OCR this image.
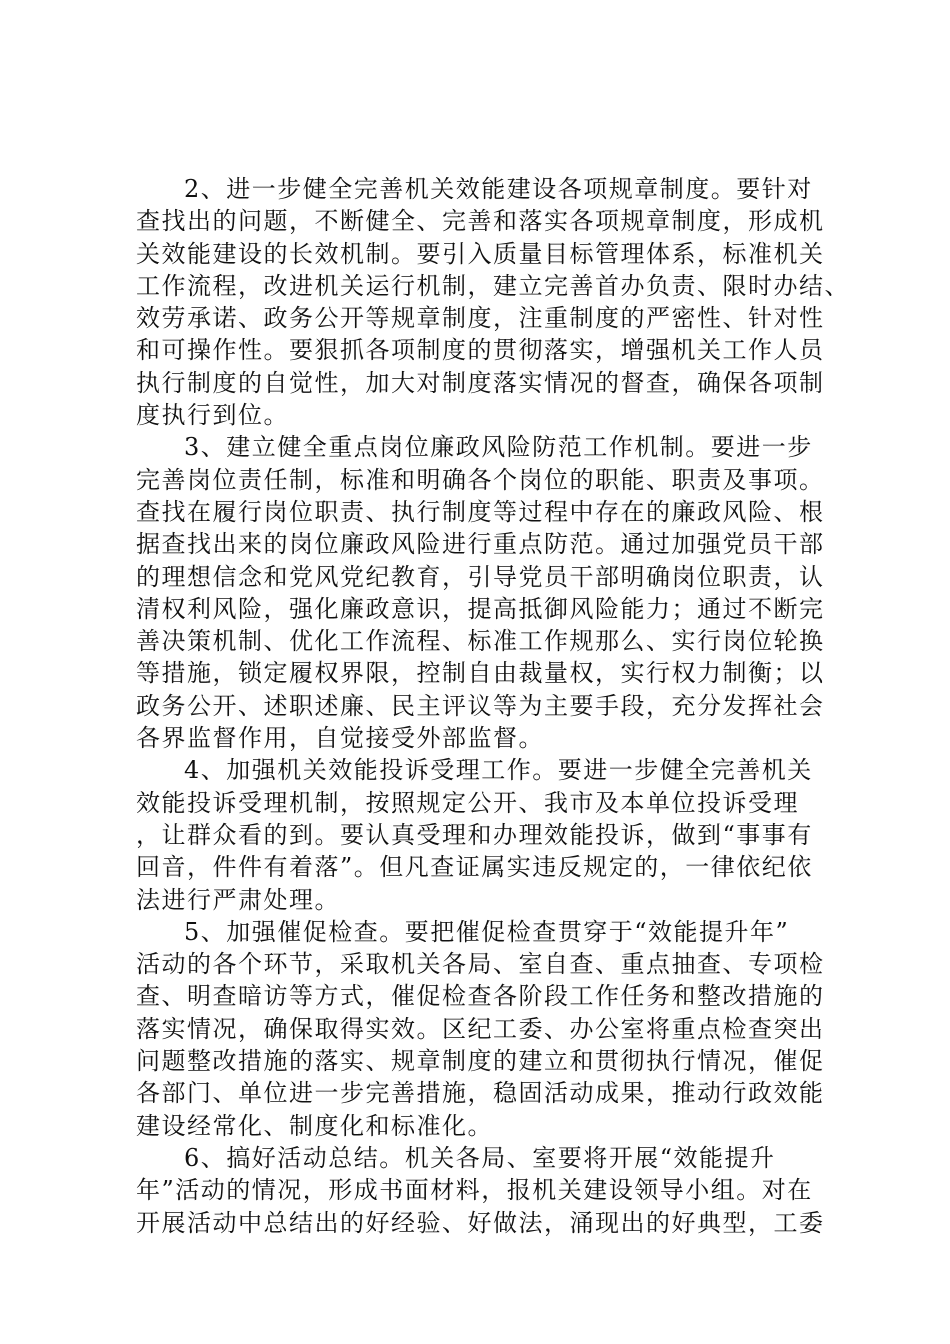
2、进一步健全完善机关效能建设各项规章制度。要针对
查找出的问题，不断健全、完善和落实各项规章制度，形成机
关效能建设的长效机制。要引入质量目标管理体系，标准机关
工作流程，改进机关运行机制，建立完善首办负责、限时办结、
效劳承诺、政务公开等规章制度，注重制度的严密性、针对性
和可操作性。要狠抓各项制度的贯彻落实，增强机关工作人员
执行制度的自觉性，加大对制度落实情况的督查，确保各项制
度执行到位。
3、建立健全重点岗位廉政风险防范工作机制。要进一步
完善岗位责任制，标准和明确各个岗位的职能、职责及事项。
查找在履行岗位职责、执行制度等过程中存在的廉政风险、根
据查找出来的岗位廉政风险进行重点防范。通过加强党员干部
的理想信念和党风党纪教育，引导党员干部明确岗位职责，认
清权利风险，强化廉政意识，提高抵御风险能力；通过不断完
善决策机制、优化工作流程、标准工作规那么、实行岗位轮换
等措施，锁定履权界限，控制自由裁量权，实行权力制衡；以
政务公开、述职述廉、民主评议等为主要手段，充分发挥社会
各界监督作用，自觉接受外部监督。
4、加强机关效能投诉受理工作。要进一步健全完善机关
效能投诉受理机制，按照规定公开、我市及本单位投诉受理
，让群众看的到。要认真受理和办理效能投诉，做到“事事有
回音，件件有着落”。但凡查证属实违反规定的，一律依纪依
法进行严肃处理。
5、加强催促检查。要把催促检查贯穿于“效能提升年”
活动的各个环节，采取机关各局、室自查、重点抽查、专项检
查、明查暗访等方式，催促检查各阶段工作任务和整改措施的
落实情况，确保取得实效。区纪工委、办公室将重点检查突出
问题整改措施的落实、规章制度的建立和贯彻执行情况，催促
各部门、单位进一步完善措施，稳固活动成果，推动行政效能
建设经常化、制度化和标准化。
6、搞好活动总结。机关各局、室要将开展“效能提升
年”活动的情况，形成书面材料，报机关建设领导小组。对在
开展活动中总结出的好经验、好做法，涌现出的好典型，工委
